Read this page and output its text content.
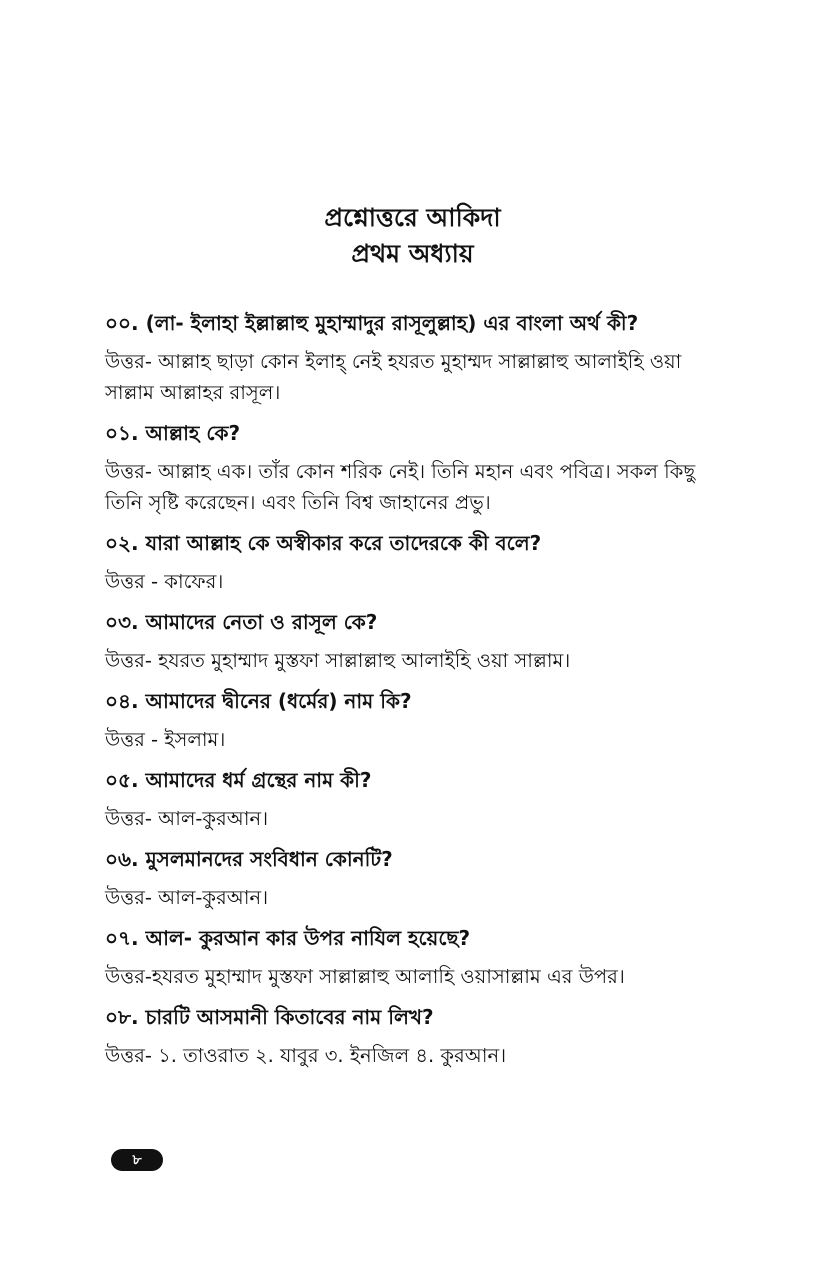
প্রশ্নোত্তরে আকিদা
প্রথম অধ্যায়
০০. (লা- ইলাহা ইল্লাল্লাহু মুহাম্মাদুর রাসূলুল্লাহ) এর বাংলা অর্থ কী?
উত্তর- আল্লাহ ছাড়া কোন ইলাহ্ নেই হযরত মুহাম্মদ সাল্লাল্লাহু আলাইহি ওয়া সাল্লাম আল্লাহর রাসূল।
০১. আল্লাহ কে?
উত্তর- আল্লাহ এক। তাঁর কোন শরিক নেই। তিনি মহান এবং পবিত্র। সকল কিছু তিনি সৃষ্টি করেছেন। এবং তিনি বিশ্ব জাহানের প্রভু।
০২. যারা আল্লাহ কে অস্বীকার করে তাদেরকে কী বলে?
উত্তর - কাফের।
০৩. আমাদের নেতা ও রাসূল কে?
উত্তর- হযরত মুহাম্মাদ মুস্তফা সাল্লাল্লাহু আলাইহি ওয়া সাল্লাম।
০৪. আমাদের দ্বীনের (ধর্মের) নাম কি?
উত্তর - ইসলাম।
০৫. আমাদের ধর্ম গ্রন্থের নাম কী?
উত্তর- আল-কুরআন।
০৬. মুসলমানদের সংবিধান কোনটি?
উত্তর- আল-কুরআন।
০৭. আল- কুরআন কার উপর নাযিল হয়েছে?
উত্তর-হযরত মুহাম্মাদ মুস্তফা সাল্লাল্লাহু আলাহি ওয়াসাল্লাম এর উপর।
০৮. চারটি আসমানী কিতাবের নাম লিখ?
উত্তর- ১. তাওরাত ২. যাবুর ৩. ইনজিল ৪. কুরআন।
৮
